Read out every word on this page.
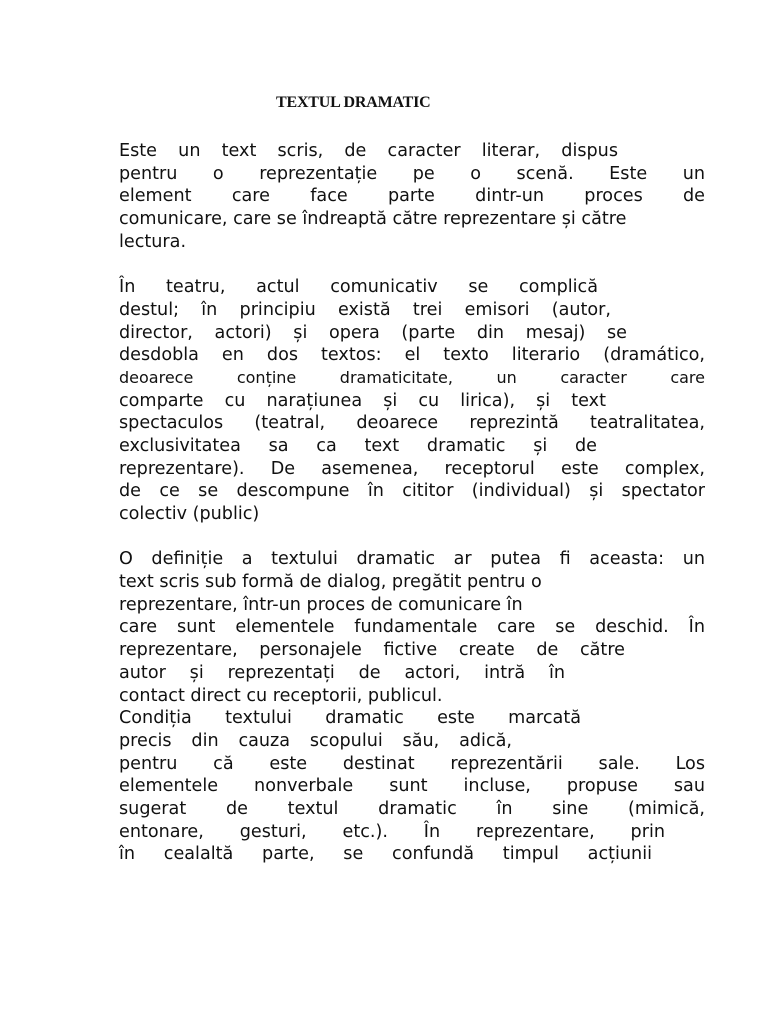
TEXTUL DRAMATIC
Este un text scris, de caracter literar, dispus
pentru o reprezentație pe o scenă. Este un
element care face parte dintr-un proces de
comunicare, care se îndreaptă către reprezentare și către
lectura.
În teatru, actul comunicativ se complică
destul; în principiu există trei emisori (autor,
director, actori) și opera (parte din mesaj) se
desdobla en dos textos: el texto literario (dramático,
deoarece conține dramaticitate, un caracter care
comparte cu narațiunea și cu lirica), și text
spectaculos (teatral, deoarece reprezintă teatralitatea,
exclusivitatea sa ca text dramatic și de
reprezentare). De asemenea, receptorul este complex,
de ce se descompune în cititor (individual) și spectator
colectiv (public)
O definiție a textului dramatic ar putea fi aceasta: un
text scris sub formă de dialog, pregătit pentru o
reprezentare, într-un proces de comunicare în
care sunt elementele fundamentale care se deschid. În
reprezentare, personajele fictive create de către
autor și reprezentați de actori, intră în
contact direct cu receptorii, publicul.
Condiția textului dramatic este marcată
precis din cauza scopului său, adică,
pentru că este destinat reprezentării sale. Los
elementele nonverbale sunt incluse, propuse sau
sugerat de textul dramatic în sine (mimică,
entonare, gesturi, etc.). În reprezentare, prin
în cealaltă parte, se confundă timpul acțiunii
